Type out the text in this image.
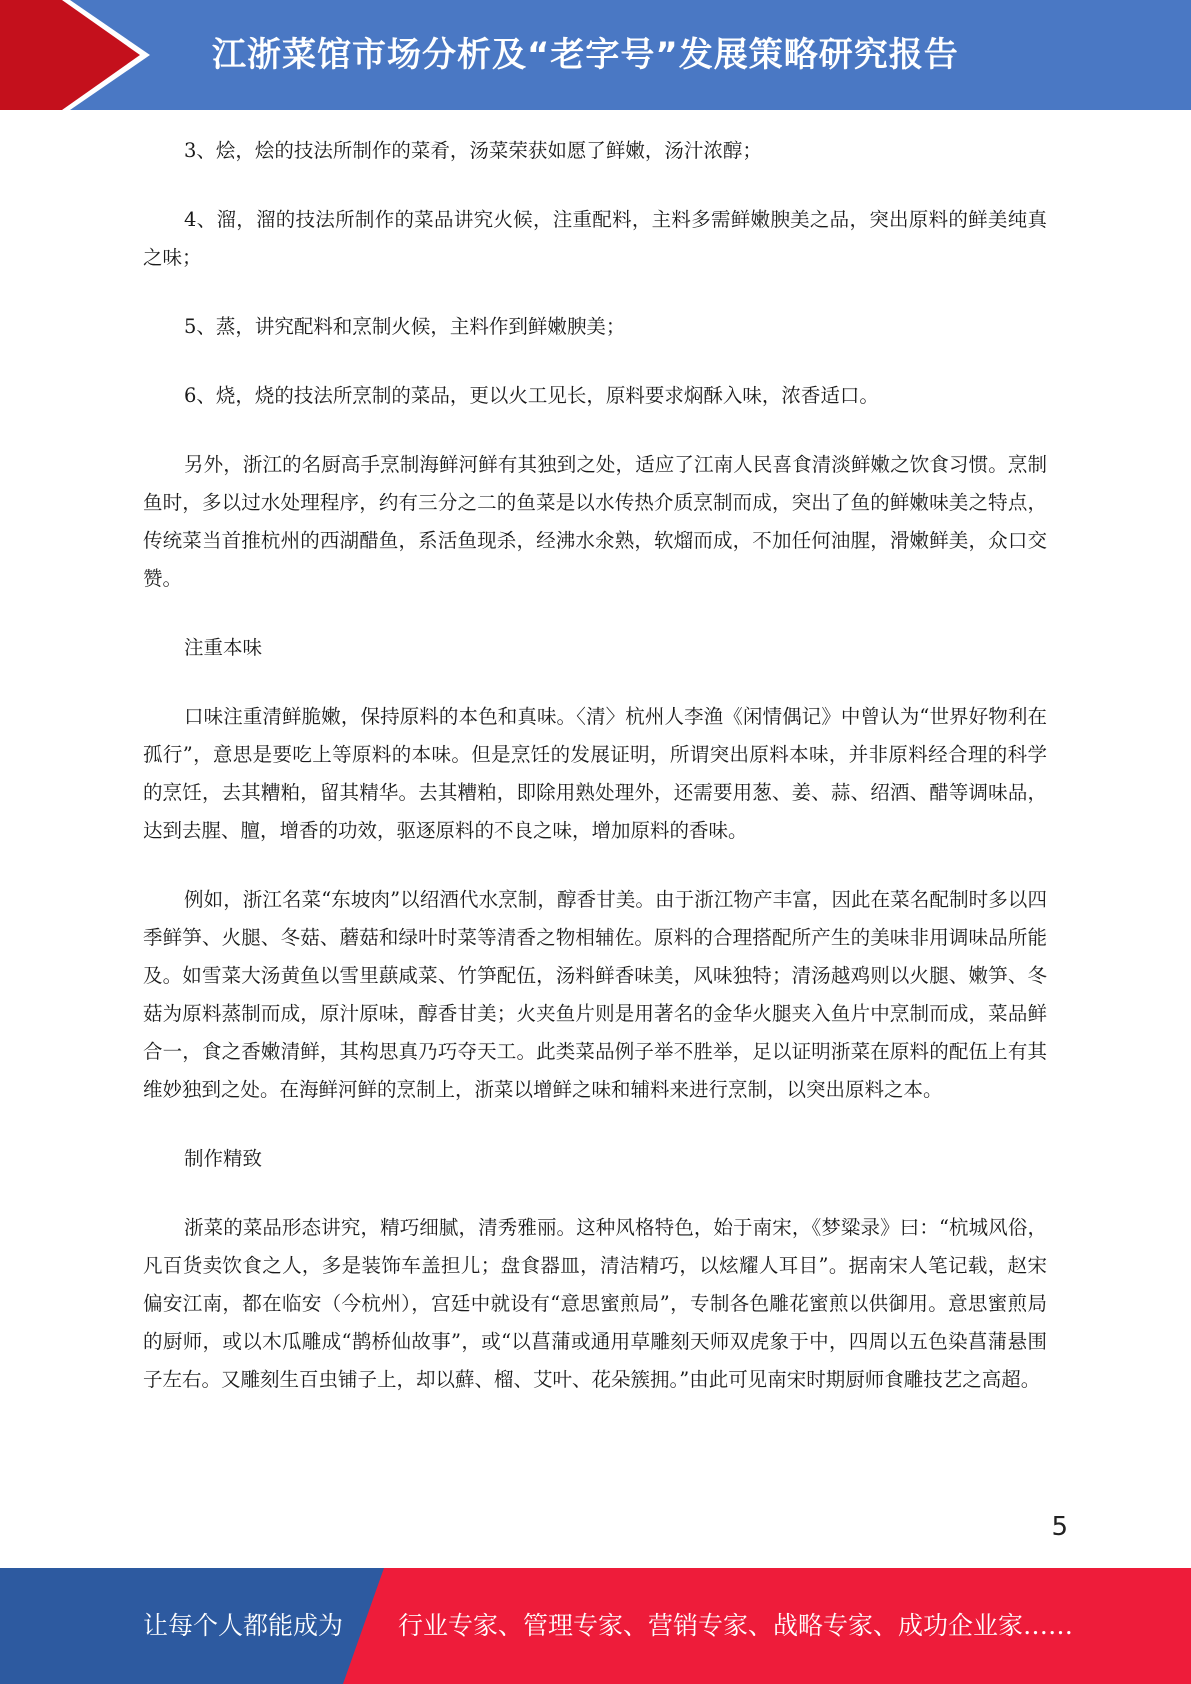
江浙菜馆市场分析及“老字号”发展策略研究报告

3、烩，烩的技法所制作的菜肴，汤菜荣获如愿了鲜嫩，汤汁浓醇；

4、溜，溜的技法所制作的菜品讲究火候，注重配料，主料多需鲜嫩腴美之品，突出原料的鲜美纯真之味；

5、蒸，讲究配料和烹制火候，主料作到鲜嫩腴美；

6、烧，烧的技法所烹制的菜品，更以火工见长，原料要求焖酥入味，浓香适口。

另外，浙江的名厨高手烹制海鲜河鲜有其独到之处，适应了江南人民喜食清淡鲜嫩之饮食习惯。烹制鱼时，多以过水处理程序，约有三分之二的鱼菜是以水传热介质烹制而成，突出了鱼的鲜嫩味美之特点，传统菜当首推杭州的西湖醋鱼，系活鱼现杀，经沸水氽熟，软熘而成，不加任何油腥，滑嫩鲜美，众口交赞。

注重本味

口味注重清鲜脆嫩，保持原料的本色和真味。〈清〉杭州人李渔《闲情偶记》中曾认为“世界好物利在孤行”，意思是要吃上等原料的本味。但是烹饪的发展证明，所谓突出原料本味，并非原料经合理的科学的烹饪，去其糟粕，留其精华。去其糟粕，即除用熟处理外，还需要用葱、姜、蒜、绍酒、醋等调味品，达到去腥、膻，增香的功效，驱逐原料的不良之味，增加原料的香味。

例如，浙江名菜“东坡肉”以绍酒代水烹制，醇香甘美。由于浙江物产丰富，因此在菜名配制时多以四季鲜笋、火腿、冬菇、蘑菇和绿叶时菜等清香之物相辅佐。原料的合理搭配所产生的美味非用调味品所能及。如雪菜大汤黄鱼以雪里蕻咸菜、竹笋配伍，汤料鲜香味美，风味独特；清汤越鸡则以火腿、嫩笋、冬菇为原料蒸制而成，原汁原味，醇香甘美；火夹鱼片则是用著名的金华火腿夹入鱼片中烹制而成，菜品鲜合一，食之香嫩清鲜，其构思真乃巧夺天工。此类菜品例子举不胜举，足以证明浙菜在原料的配伍上有其维妙独到之处。在海鲜河鲜的烹制上，浙菜以增鲜之味和辅料来进行烹制，以突出原料之本。

制作精致

浙菜的菜品形态讲究，精巧细腻，清秀雅丽。这种风格特色，始于南宋，《梦粱录》曰：“杭城风俗，凡百货卖饮食之人，多是装饰车盖担儿；盘食器皿，清洁精巧，以炫耀人耳目”。据南宋人笔记载，赵宋偏安江南，都在临安（今杭州），宫廷中就设有“意思蜜煎局”，专制各色雕花蜜煎以供御用。意思蜜煎局的厨师，或以木瓜雕成“鹊桥仙故事”，或“以菖蒲或通用草雕刻天师双虎象于中，四周以五色染菖蒲悬围子左右。又雕刻生百虫铺子上，却以蘚、榴、艾叶、花朵簇拥。”由此可见南宋时期厨师食雕技艺之高超。

5
让每个人都能成为 行业专家、管理专家、营销专家、战略专家、成功企业家……
